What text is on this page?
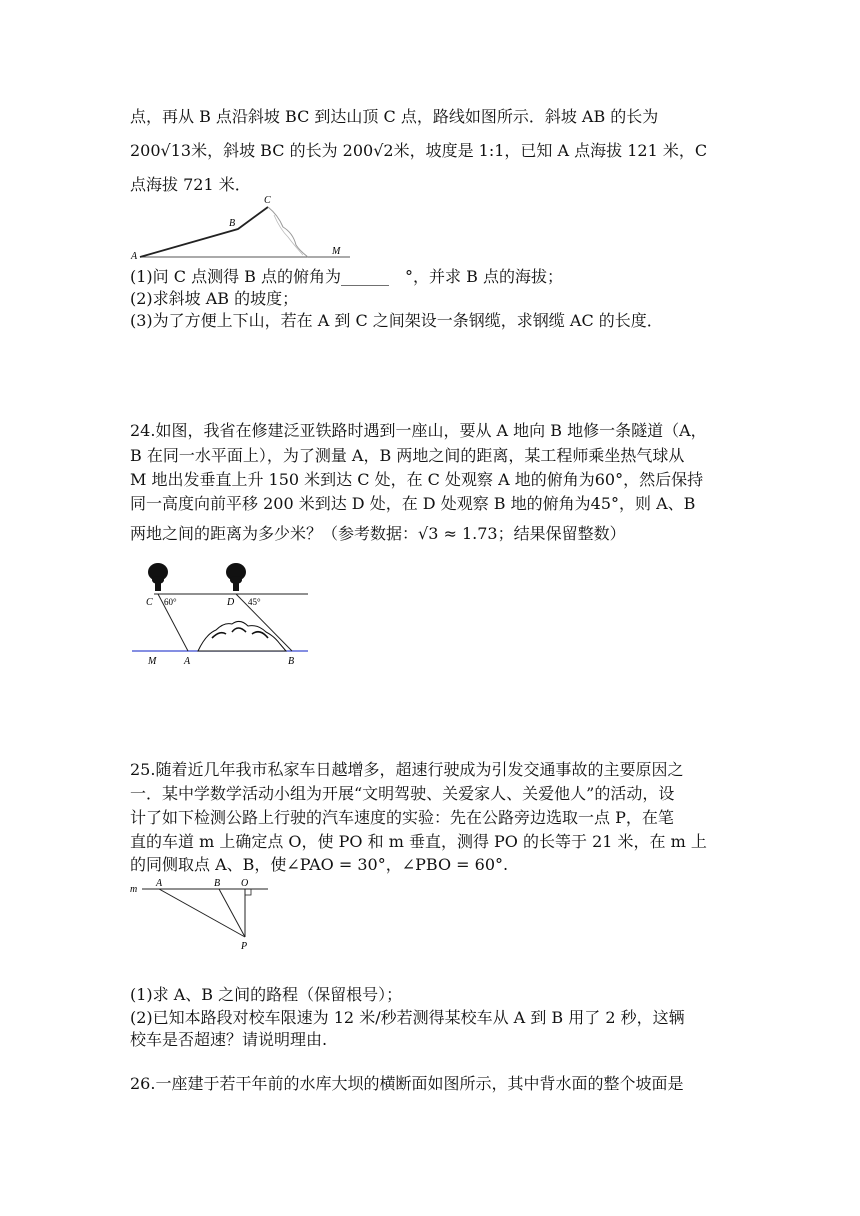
点，再从 B 点沿斜坡 BC 到达山顶 C 点，路线如图所示．斜坡 AB 的长为
200√13米，斜坡 BC 的长为 200√2米，坡度是 1:1，已知 A 点海拔 121 米，C
点海拔 721 米．
A
B
C
M
(1)问 C 点测得 B 点的俯角为______　°，并求 B 点的海拔；
(2)求斜坡 AB 的坡度；
(3)为了方便上下山，若在 A 到 C 之间架设一条钢缆，求钢缆 AC 的长度．
24.如图，我省在修建泛亚铁路时遇到一座山，要从 A 地向 B 地修一条隧道（A，
B 在同一水平面上），为了测量 A，B 两地之间的距离，某工程师乘坐热气球从
M 地出发垂直上升 150 米到达 C 处，在 C 处观察 A 地的俯角为60°，然后保持
同一高度向前平移 200 米到达 D 处，在 D 处观察 B 地的俯角为45°，则 A、B
两地之间的距离为多少米？（参考数据：√3 ≈ 1.73；结果保留整数）
C 60°	D 45°
M	A	B
25.随着近几年我市私家车日越增多，超速行驶成为引发交通事故的主要原因之
一．某中学数学活动小组为开展“文明驾驶、关爱家人、关爱他人”的活动，设
计了如下检测公路上行驶的汽车速度的实验：先在公路旁边选取一点 P，在笔
直的车道 m 上确定点 O，使 PO 和 m 垂直，测得 PO 的长等于 21 米，在 m 上
的同侧取点 A、B，使∠PAO = 30°，∠PBO = 60°.
m
A	B O
P
(1)求 A、B 之间的路程（保留根号）；
(2)已知本路段对校车限速为 12 米/秒若测得某校车从 A 到 B 用了 2 秒，这辆
校车是否超速？请说明理由.
26.一座建于若干年前的水库大坝的横断面如图所示，其中背水面的整个坡面是
